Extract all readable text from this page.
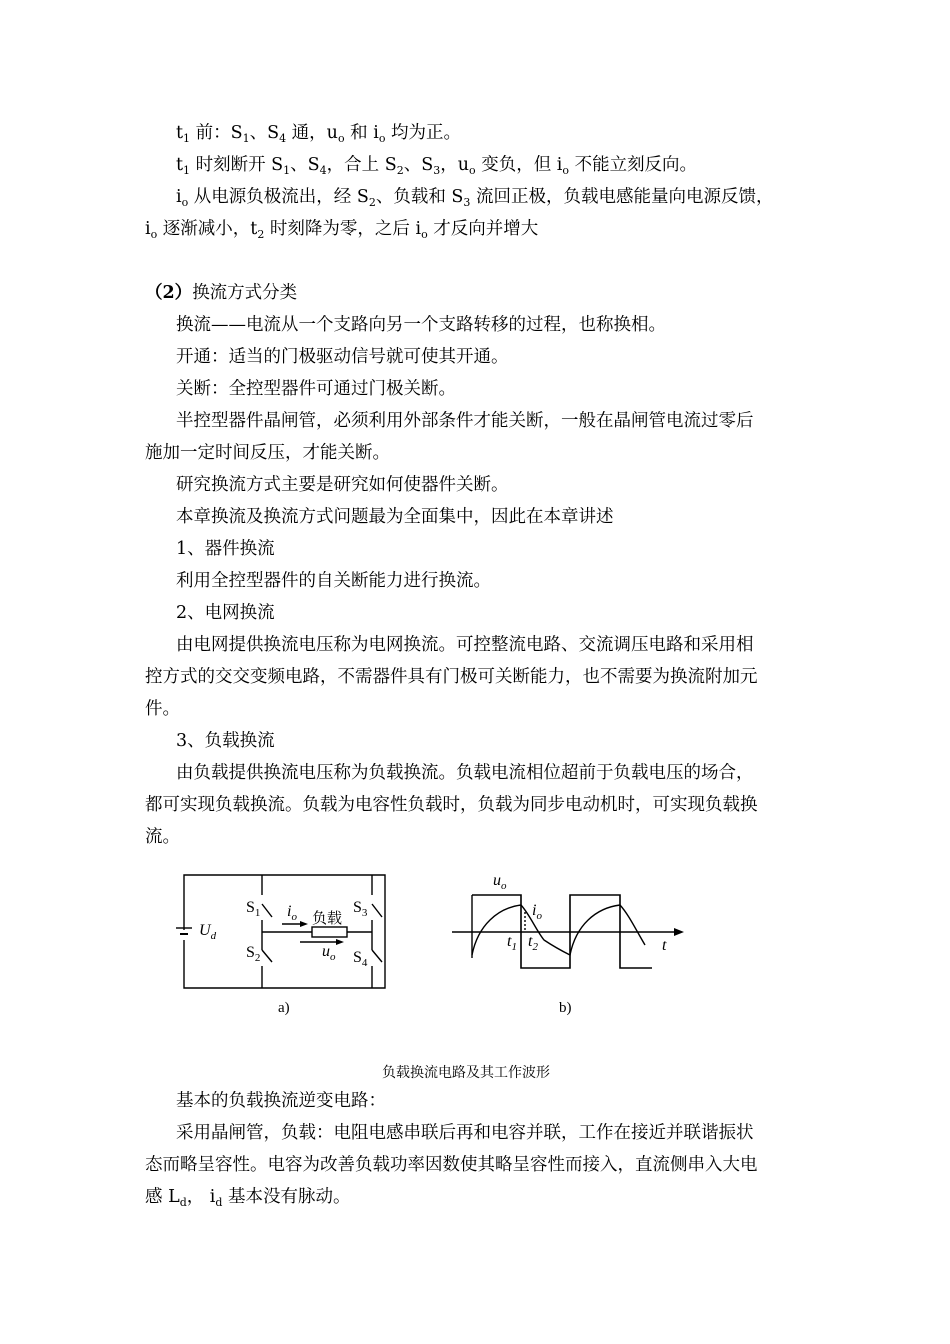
$t_1$ 前：$S_1$、$S_4$ 通，$u_o$ 和 $i_o$ 均为正。
$t_1$ 时刻断开 $S_1$、$S_4$，合上 $S_2$、$S_3$，$u_o$ 变负，但 $i_o$ 不能立刻反向。
$i_o$ 从电源负极流出，经 $S_2$、负载和 $S_3$ 流回正极，负载电感能量向电源反馈，
$i_o$ 逐渐减小，$t_2$ 时刻降为零，之后 $i_o$ 才反向并增大
（2）换流方式分类
换流——电流从一个支路向另一个支路转移的过程，也称换相。
开通：适当的门极驱动信号就可使其开通。
关断：全控型器件可通过门极关断。
半控型器件晶闸管，必须利用外部条件才能关断，一般在晶闸管电流过零后
施加一定时间反压，才能关断。
研究换流方式主要是研究如何使器件关断。
本章换流及换流方式问题最为全面集中，因此在本章讲述
1、器件换流
利用全控型器件的自关断能力进行换流。
2、电网换流
由电网提供换流电压称为电网换流。可控整流电路、交流调压电路和采用相
控方式的交交变频电路，不需器件具有门极可关断能力，也不需要为换流附加元
件。
3、负载换流
由负载提供换流电压称为负载换流。负载电流相位超前于负载电压的场合，
都可实现负载换流。负载为电容性负载时，负载为同步电动机时，可实现负载换
流。
$U_d$
$S_1$
$S_2$
$S_3$
$S_4$
$i_o$ 负载
$u_o$
a)
$u_o$
$i_o$
$t_1$ $t_2$	t
b)
负载换流电路及其工作波形
基本的负载换流逆变电路：
采用晶闸管，负载：电阻电感串联后再和电容并联，工作在接近并联谐振状
态而略呈容性。电容为改善负载功率因数使其略呈容性而接入，直流侧串入大电
感 $L_d$， $i_d$ 基本没有脉动。
